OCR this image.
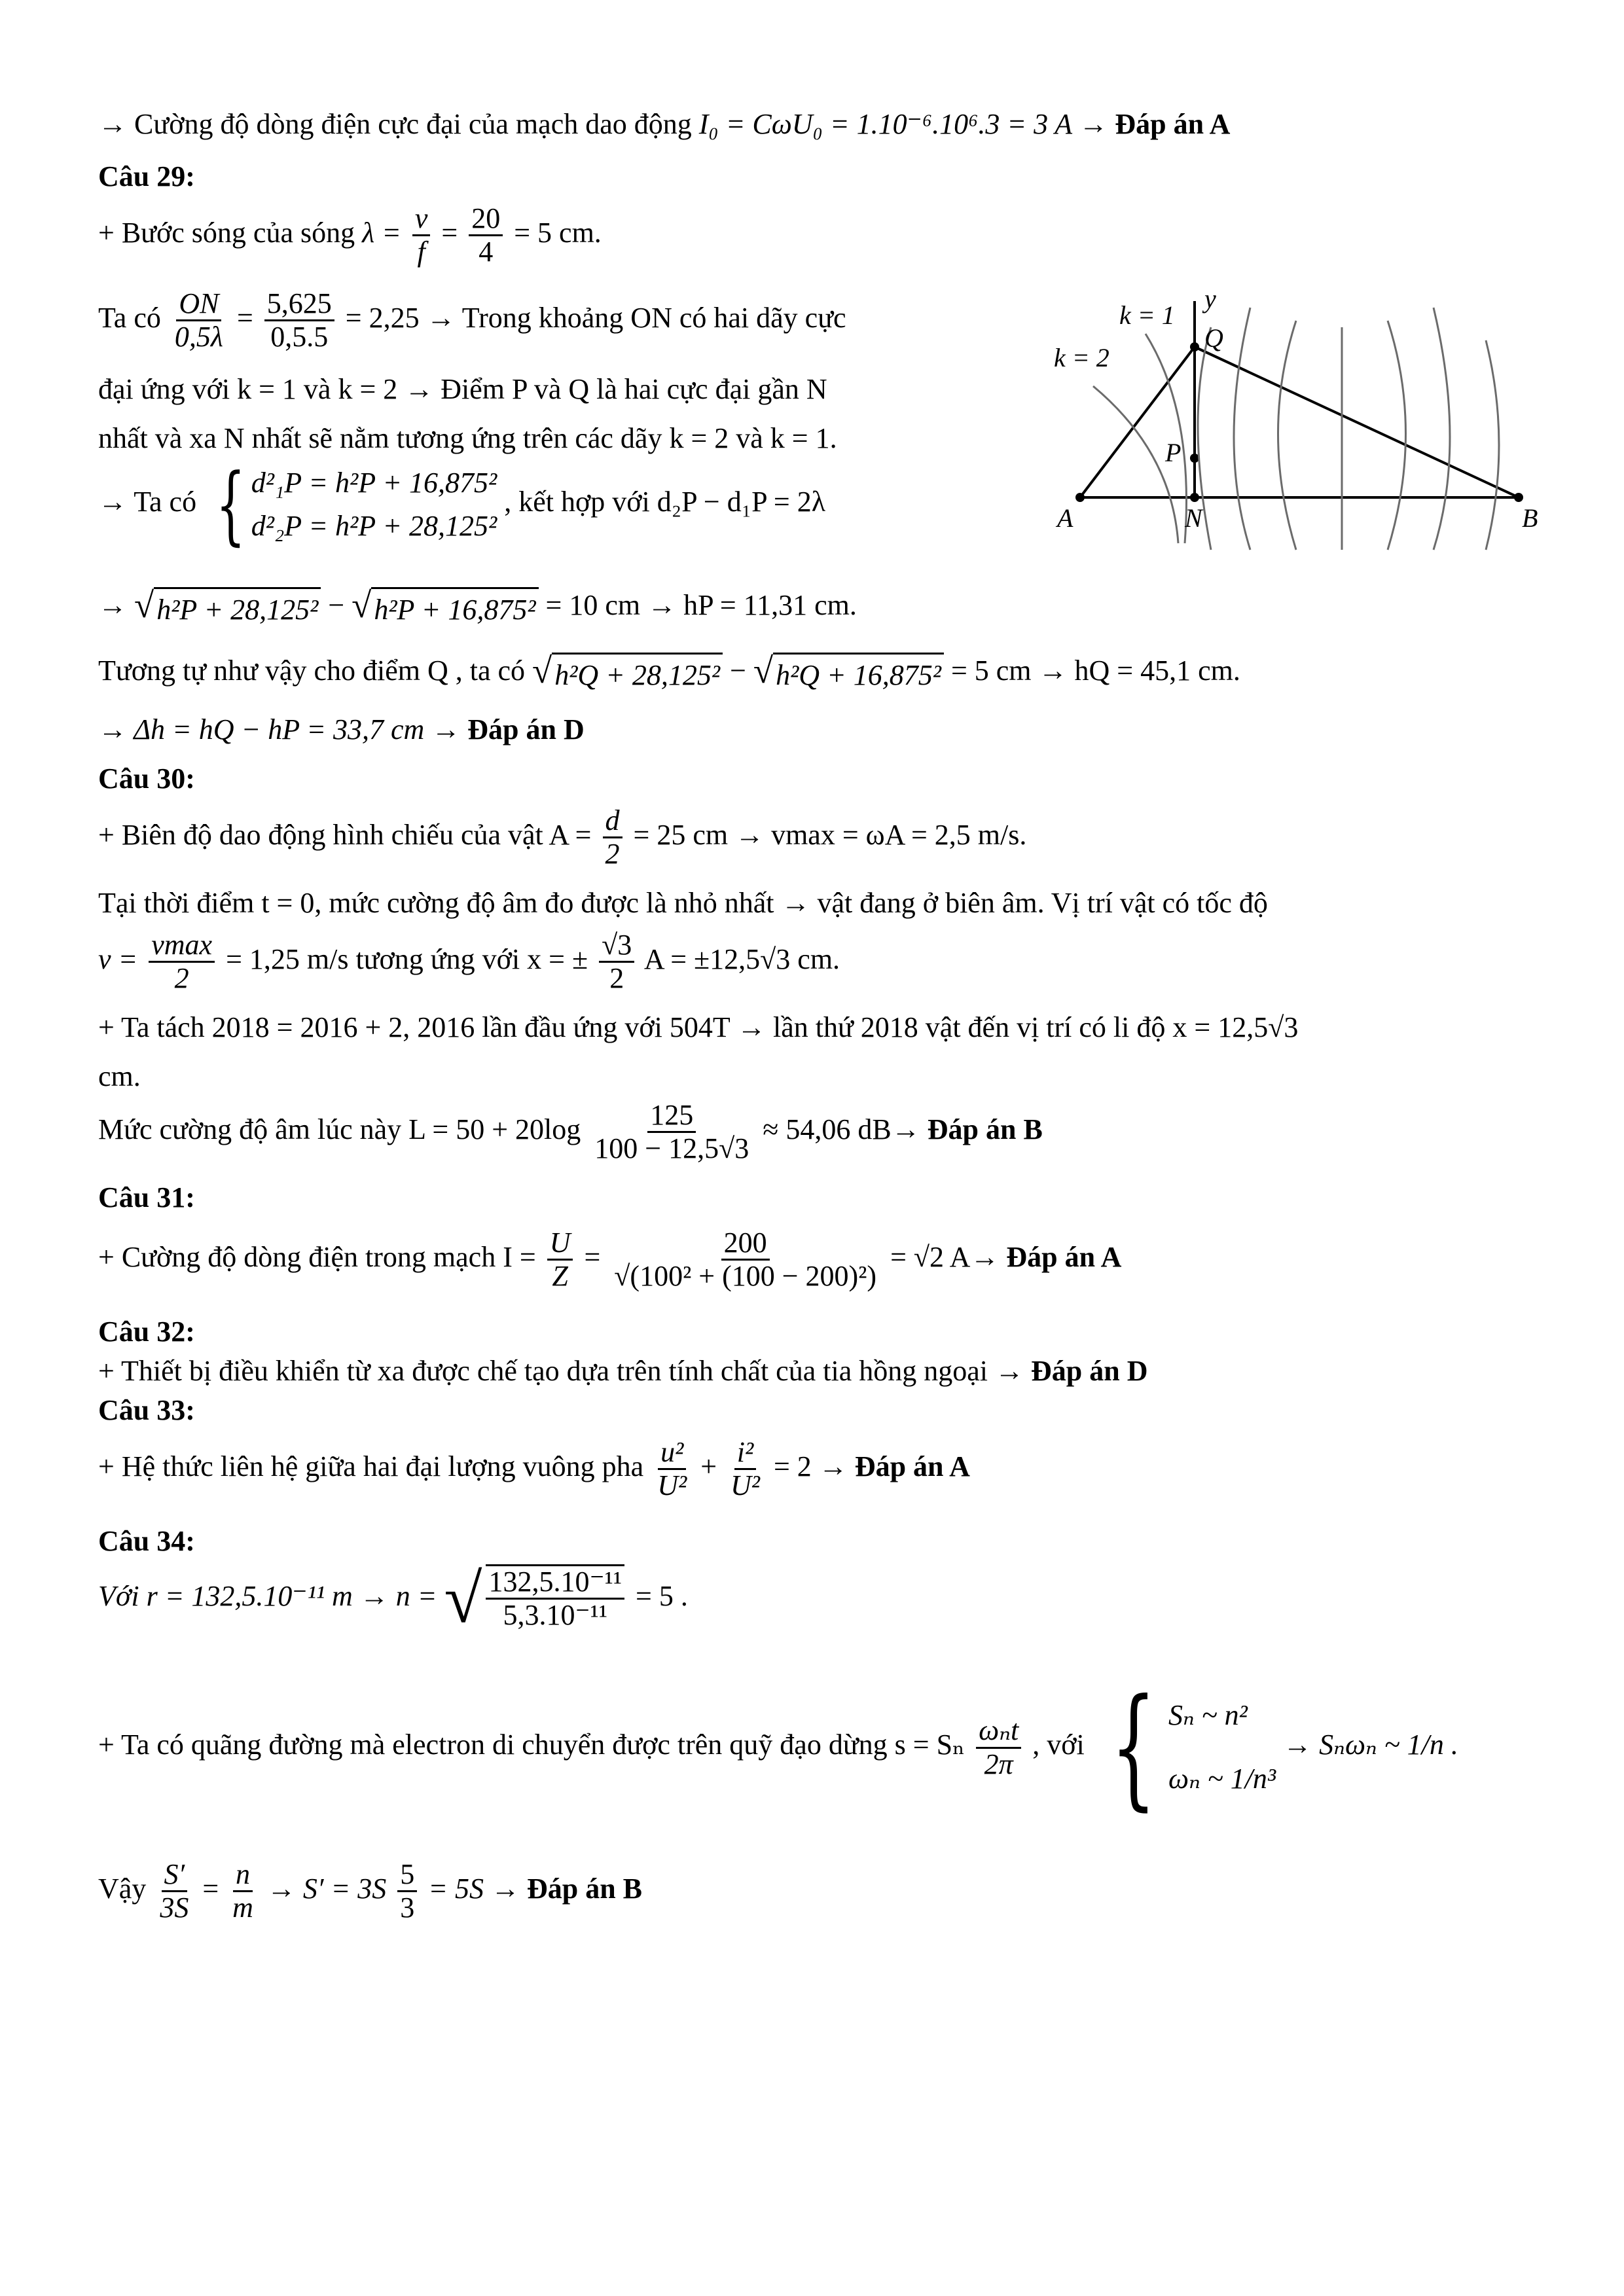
→ Cường độ dòng điện cực đại của mạch dao động I₀ = CωU₀ = 1.10⁻⁶.10⁶.3 = 3 A → Đáp án A
Câu 29:
+ Bước sóng của sóng $\lambda = \frac{v}{f} = \frac{20}{4} = 5$ cm.
Ta có $\frac{ON}{0,5\lambda} = \frac{5,625}{0,5.5} = 2,25$ → Trong khoảng ON có hai dãy cực
đại ứng với k = 1 và k = 2 → Điểm P và Q là hai cực đại gần N
nhất và xa N nhất sẽ nằm tương ứng trên các dãy k = 2 và k = 1.
→ Ta có { d²₁P = h²P + 16,875²
d²₂P = h²P + 28,125²
, kết hợp với d₂P − d₁P = 2λ
→ √ h²P + 28,125² − √ h²P + 16,875² = 10 cm → hP = 11,31 cm.
Tương tự như vậy cho điểm Q , ta có √ h²Q + 28,125² − √ h²Q + 16,875² = 5 cm → hQ = 45,1 cm.
→ Δh = hQ − hP = 33,7 cm → Đáp án D
Câu 30:
+ Biên độ dao động hình chiếu của vật $A = \frac{d}{2} = 25$ cm → vmax = ωA = 2,5 m/s.
Tại thời điểm t = 0, mức cường độ âm đo được là nhỏ nhất → vật đang ở biên âm. Vị trí vật có tốc độ
$v = \frac{vmax}{2} = 1,25$ m/s tương ứng với x = ± $\frac{√3}{2}$ A = ±12,5√3 cm.
+ Ta tách 2018 = 2016 + 2, 2016 lần đầu ứng với 504T → lần thứ 2018 vật đến vị trí có li độ x = 12,5√3
cm.
Mức cường độ âm lúc này $L = 50 + 20\log \frac{125}{100 - 12,5√3} \approx 54,06$ dB→ Đáp án B
Câu 31:
+ Cường độ dòng điện trong mạch $I = \frac{U}{Z} = \frac{200}{\text{√(100² + (100 − 200)²)}} = √2$ A→ Đáp án A
Câu 32:
+ Thiết bị điều khiển từ xa được chế tạo dựa trên tính chất của tia hồng ngoại → Đáp án D
Câu 33:
+ Hệ thức liên hệ giữa hai đại lượng vuông pha $\frac{\text{u²}}{\text{U²}} + \frac{\text{i²}}{\text{U²}} = 2$ → Đáp án A
Câu 34:
Với r = 132,5.10⁻¹¹ m → n = √ $\frac{\text{132,5.10⁻¹¹}}{\text{5,3.10⁻¹¹}} = 5$ .
+ Ta có quãng đường mà electron di chuyển được trên quỹ đạo dừng s = Sₙ $\frac{\text{ωₙt}}{2\pi}$ , với { Sₙ ~ n²
ωₙ ~ 1/n³
→ Sₙωₙ ~ 1/n .
Vậy $\frac{S'}{3S} = \frac{n}{m} \to S' = 3S \frac{5}{3} = 5S$ → Đáp án B
k = 1
k = 2
y
Q
P
A	N	B
